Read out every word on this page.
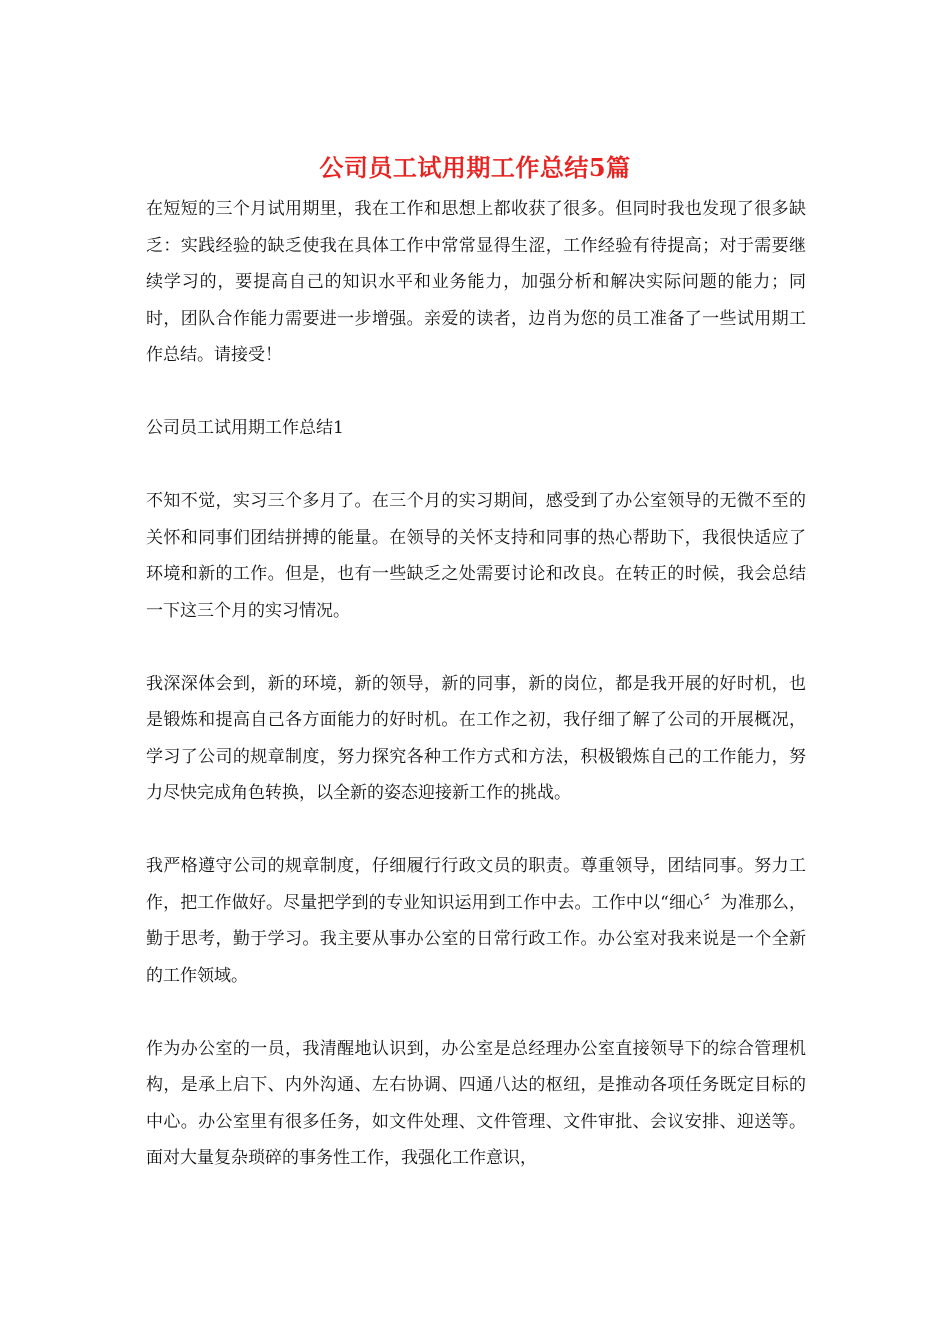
公司员工试用期工作总结5篇

在短短的三个月试用期里，我在工作和思想上都收获了很多。但同时我也发现了很多缺乏：实践经验的缺乏使我在具体工作中常常显得生涩，工作经验有待提高；对于需要继续学习的，要提高自己的知识水平和业务能力，加强分析和解决实际问题的能力；同时，团队合作能力需要进一步增强。亲爱的读者，边肖为您的员工准备了一些试用期工作总结。请接受！

公司员工试用期工作总结1

不知不觉，实习三个多月了。在三个月的实习期间，感受到了办公室领导的无微不至的关怀和同事们团结拼搏的能量。在领导的关怀支持和同事的热心帮助下，我很快适应了环境和新的工作。但是，也有一些缺乏之处需要讨论和改良。在转正的时候，我会总结一下这三个月的实习情况。

我深深体会到，新的环境，新的领导，新的同事，新的岗位，都是我开展的好时机，也是锻炼和提高自己各方面能力的好时机。在工作之初，我仔细了解了公司的开展概况，学习了公司的规章制度，努力探究各种工作方式和方法，积极锻炼自己的工作能力，努力尽快完成角色转换，以全新的姿态迎接新工作的挑战。

我严格遵守公司的规章制度，仔细履行行政文员的职责。尊重领导，团结同事。努力工作，把工作做好。尽量把学到的专业知识运用到工作中去。工作中以“细心〞为准那么，勤于思考，勤于学习。我主要从事办公室的日常行政工作。办公室对我来说是一个全新的工作领域。

作为办公室的一员，我清醒地认识到，办公室是总经理办公室直接领导下的综合管理机构，是承上启下、内外沟通、左右协调、四通八达的枢纽，是推动各项任务既定目标的中心。办公室里有很多任务，如文件处理、文件管理、文件审批、会议安排、迎送等。面对大量复杂琐碎的事务性工作，我强化工作意识，
